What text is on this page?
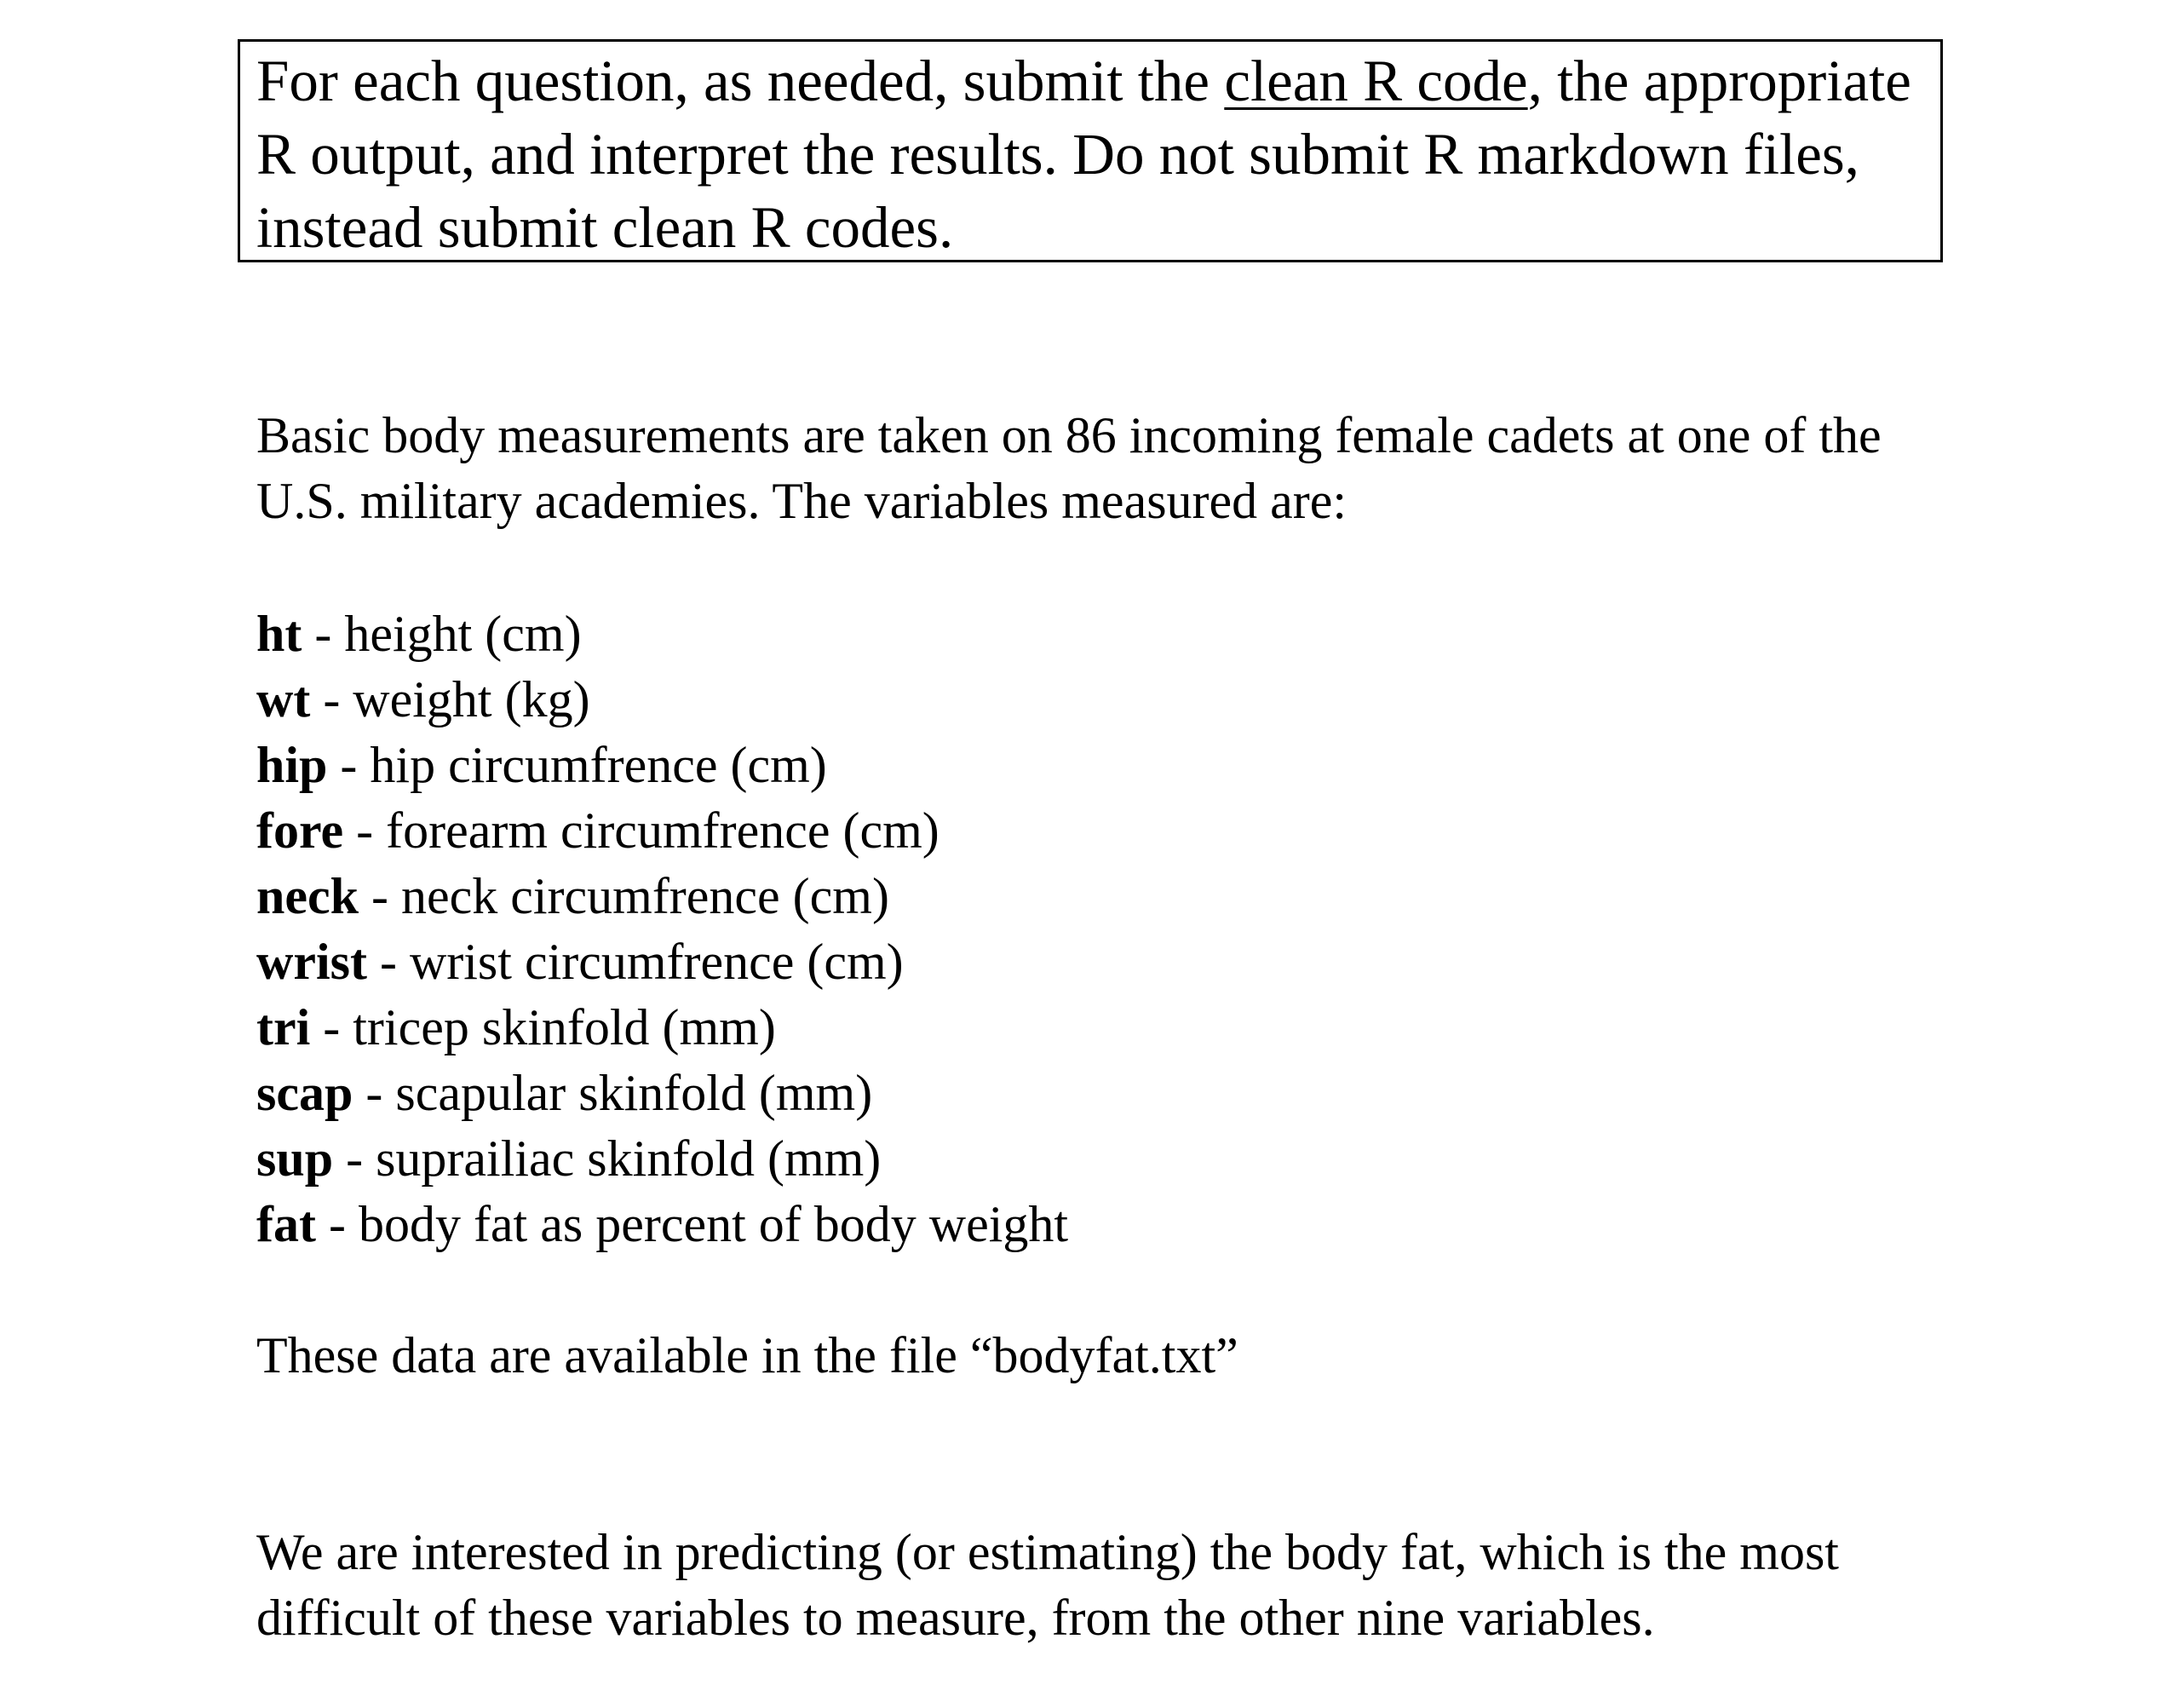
For each question, as needed, submit the clean R code, the appropriate R output, and interpret the results. Do not submit R markdown files, instead submit clean R codes.

Basic body measurements are taken on 86 incoming female cadets at one of the U.S. military academies. The variables measured are:

ht - height (cm)
wt - weight (kg)
hip - hip circumfrence (cm)
fore - forearm circumfrence (cm)
neck - neck circumfrence (cm)
wrist - wrist circumfrence (cm)
tri - tricep skinfold (mm)
scap - scapular skinfold (mm)
sup - suprailiac skinfold (mm)
fat - body fat as percent of body weight

These data are available in the file “bodyfat.txt”

We are interested in predicting (or estimating) the body fat, which is the most difficult of these variables to measure, from the other nine variables.
